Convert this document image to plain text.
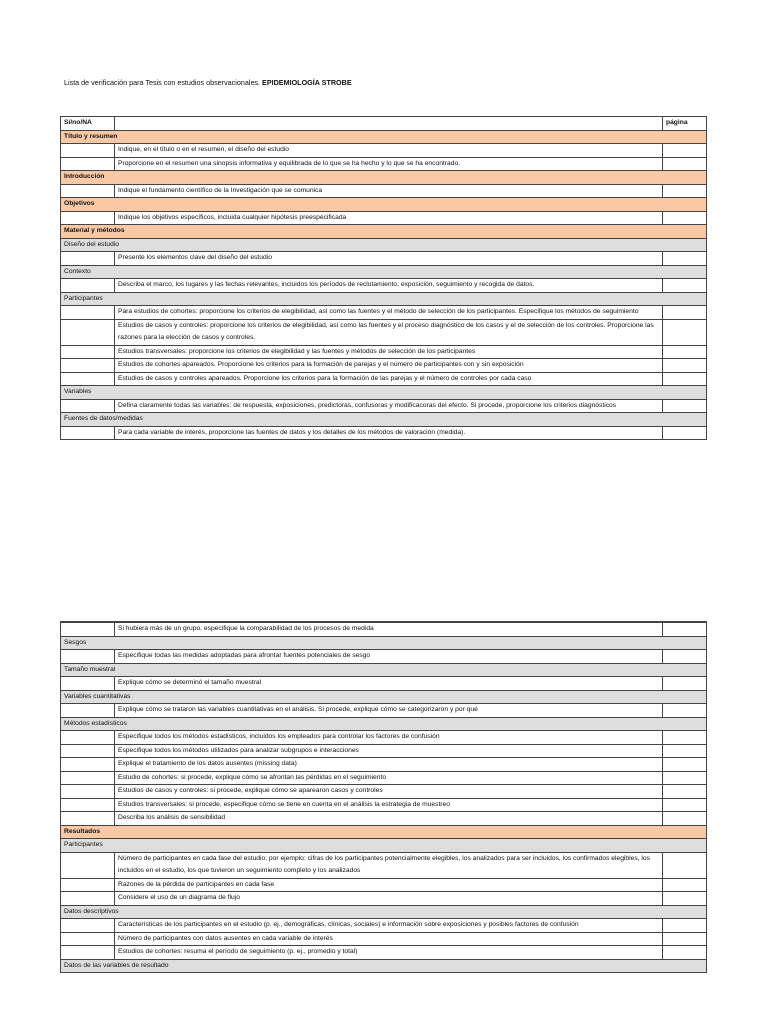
Lista de verificación para Tesis con estudios observacionales. EPIDEMIOLOGÍA STROBE
Sí/no/NA		página
Título y resumen		
	Indique, en el título o en el resumen, el diseño del estudio	
	Proporcione en el resumen una sinopsis informativa y equilibrada de lo que se ha hecho y lo que se ha encontrado.	
Introducción		
	Indique el fundamento científico de la Investigación que se comunica	
Objetivos		
	Indique los objetivos específicos, incluida cualquier hipótesis preespecificada	
Material y métodos		
Diseño del estudio		
	Presente los elementos clave del diseño del estudio	
Contexto		
	Describa el marco, los lugares y las fechas relevantes, incluidos los períodos de reclutamiento, exposición, seguimiento y recogida de datos.	
Participantes		
	Para estudios de cohortes: proporcione los criterios de elegibilidad, así como las fuentes y el método de selección de los participantes. Especifique los métodos de seguimiento	
	Estudios de casos y controles: proporcione los criterios de elegibilidad, así como las fuentes y el proceso diagnóstico de los casos y el de selección de los controles. Proporcione las razones para la elección de casos y controles.	
	Estudios transversales: proporcione los criterios de elegibilidad y las fuentes y métodos de selección de los participantes	
	Estudios de cohortes apareados. Proporcione los criterios para la formación de parejas y el número de participantes con y sin exposición	
	Estudios de casos y controles apareados. Proporcione los criterios para la formación de las parejas y el número de controles por cada caso	
Variables		
	Defina claramente todas las variables: de respuesta, exposiciones, predictoras, confusoras y modificacoras del efecto. Si procede, proporcione los criterios diagnósticos	
Fuentes de datos/medidas		
	Para cada variable de interés, proporcione las fuentes de datos y los detalles de los métodos de valoración (medida).	

	Si hubiera más de un grupo, especifique la comparabilidad de los procesos de medida	
Sesgos		
	Especifique todas las medidas adoptadas para afrontar fuentes potenciales de sesgo	
Tamaño muestral		
	Explique cómo se determinó el tamaño muestral	
Variables cuantitativas		
	Explique cómo se trataron las variables cuantitativas en el análisis. Si procede, explique cómo se categorizaron y por qué	
Métodos estadísticos		
	Especifique todos los métodos estadísticos, incluidos los empleados para controlar los factores de confusión	
	Especifique todos los métodos utilizados para analizar subgrupos e interacciones	
	Explique el tratamiento de los datos ausentes (missing data)	
	Estudio de cohortes: si procede, explique cómo se afrontan las pérdidas en el seguimiento	
	Estudios de casos y controles: si procede, explique cómo se aparearon casos y controles	
	Estudios transversales: si procede, especifique cómo se tiene en cuenta en el análisis la estrategia de muestreo	
	Describa los análisis de sensibilidad	
Resultados		
Participantes		
	Número de participantes en cada fase del estudio; por ejemplo: cifras de los participantes potencialmente elegibles, los analizados para ser incluidos, los confirmados elegibles, los incluidos en el estudio, los que tuvieron un seguimiento completo y los analizados	
	Razones de la pérdida de participantes en cada fase	
	Considere el uso de un diagrama de flujo	
Datos descriptivos		
	Características de los participantes en el estudio (p. ej., demográficas, clínicas, sociales) e información sobre exposiciones y posibles factores de confusión	
	Número de participantes con datos ausentes en cada variable de interés	
	Estudios de cohortes: resuma el período de seguimiento (p. ej., promedio y total)	
Datos de las variables de resultado		
